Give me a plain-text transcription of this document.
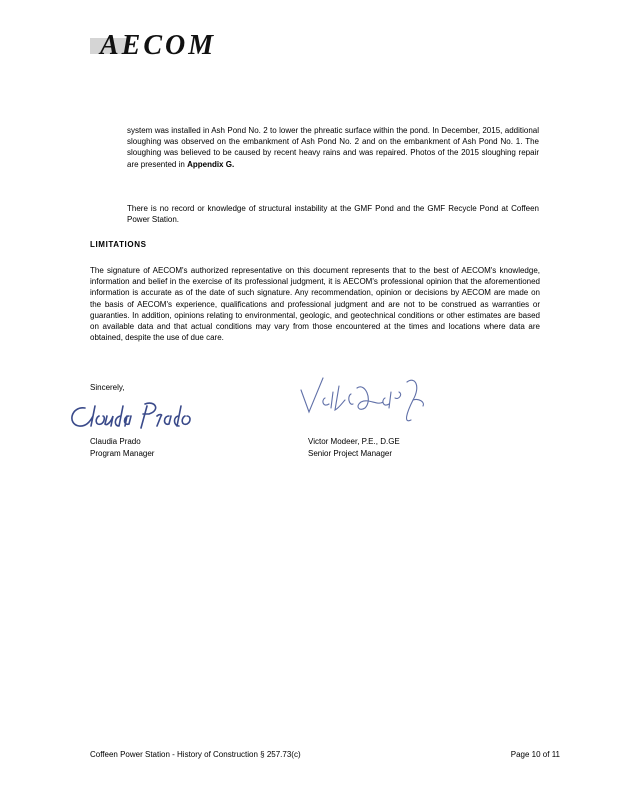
AECOM

system was installed in Ash Pond No. 2 to lower the phreatic surface within the pond. In December, 2015, additional sloughing was observed on the embankment of Ash Pond No. 2 and on the embankment of Ash Pond No. 1. The sloughing was believed to be caused by recent heavy rains and was repaired. Photos of the 2015 sloughing repair are presented in Appendix G.

There is no record or knowledge of structural instability at the GMF Pond and the GMF Recycle Pond at Coffeen Power Station.

LIMITATIONS

The signature of AECOM's authorized representative on this document represents that to the best of AECOM's knowledge, information and belief in the exercise of its professional judgment, it is AECOM's professional opinion that the aforementioned information is accurate as of the date of such signature. Any recommendation, opinion or decisions by AECOM are made on the basis of AECOM's experience, qualifications and professional judgment and are not to be construed as warranties or guaranties. In addition, opinions relating to environmental, geologic, and geotechnical conditions or other estimates are based on available data and that actual conditions may vary from those encountered at the times and locations where data are obtained, despite the use of due care.

Sincerely,
Claudia Prado
Program Manager
Victor Modeer, P.E., D.GE
Senior Project Manager
Coffeen Power Station - History of Construction § 257.73(c)	Page 10 of 11
